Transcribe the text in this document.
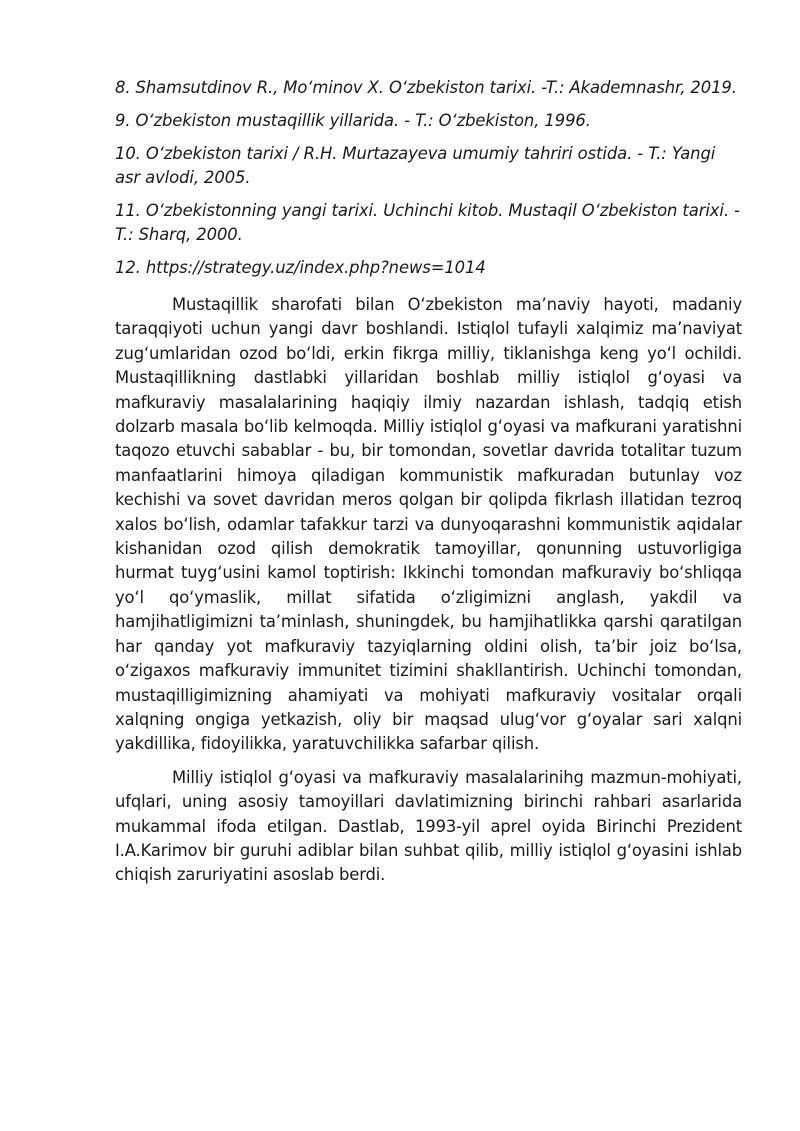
8. Shamsutdinov R., Mo‘minov X. O‘zbekiston tarixi. -T.: Akademnashr, 2019.

9. O‘zbekiston mustaqillik yillarida. - T.: O‘zbekiston, 1996.

10. O‘zbekiston tarixi / R.H. Murtazayeva umumiy tahriri ostida. - T.: Yangi asr avlodi, 2005.

11. O‘zbekistonning yangi tarixi. Uchinchi kitob. Mustaqil O‘zbekiston tarixi. - T.: Sharq, 2000.

12. https://strategy.uz/index.php?news=1014

Mustaqillik sharofati bilan O‘zbekiston ma’naviy hayoti, madaniy taraqqiyoti uchun yangi davr boshlandi. Istiqlol tufayli xalqimiz ma’naviyat zug‘umlaridan ozod bo‘ldi, erkin fikrga milliy, tiklanishga keng yo‘l ochildi. Mustaqillikning dastlabki yillaridan boshlab milliy istiqlol g‘oyasi va mafkuraviy masalalarining haqiqiy ilmiy nazardan ishlash, tadqiq etish dolzarb masala bo‘lib kelmoqda. Milliy istiqlol g‘oyasi va mafkurani yaratishni taqozo etuvchi sabablar - bu, bir tomondan, sovetlar davrida totalitar tuzum manfaatlarini himoya qiladigan kommunistik mafkuradan butunlay voz kechishi va sovet davridan meros qolgan bir qolipda fikrlash illatidan tezroq xalos bo‘lish, odamlar tafakkur tarzi va dunyoqarashni kommunistik aqidalar kishanidan ozod qilish demokratik tamoyillar, qonunning ustuvorligiga hurmat tuyg‘usini kamol toptirish: Ikkinchi tomondan mafkuraviy bo‘shliqqa yo‘l qo‘ymaslik, millat sifatida o‘zligimizni anglash, yakdil va hamjihatligimizni ta’minlash, shuningdek, bu hamjihatlikka qarshi qaratilgan har qanday yot mafkuraviy tazyiqlarning oldini olish, ta’bir joiz bo‘lsa, o‘zigaxos mafkuraviy immunitet tizimini shakllantirish. Uchinchi tomondan, mustaqilligimizning ahamiyati va mohiyati mafkuraviy vositalar orqali xalqning ongiga yetkazish, oliy bir maqsad ulug‘vor g‘oyalar sari xalqni yakdillika, fidoyilikka, yaratuvchilikka safarbar qilish.

Milliy istiqlol g‘oyasi va mafkuraviy masalalarinihg mazmun-mohiyati, ufqlari, uning asosiy tamoyillari davlatimizning birinchi rahbari asarlarida mukammal ifoda etilgan. Dastlab, 1993-yil aprel oyida Birinchi Prezident I.A.Karimov bir guruhi adiblar bilan suhbat qilib, milliy istiqlol g‘oyasini ishlab chiqish zaruriyatini asoslab berdi.
